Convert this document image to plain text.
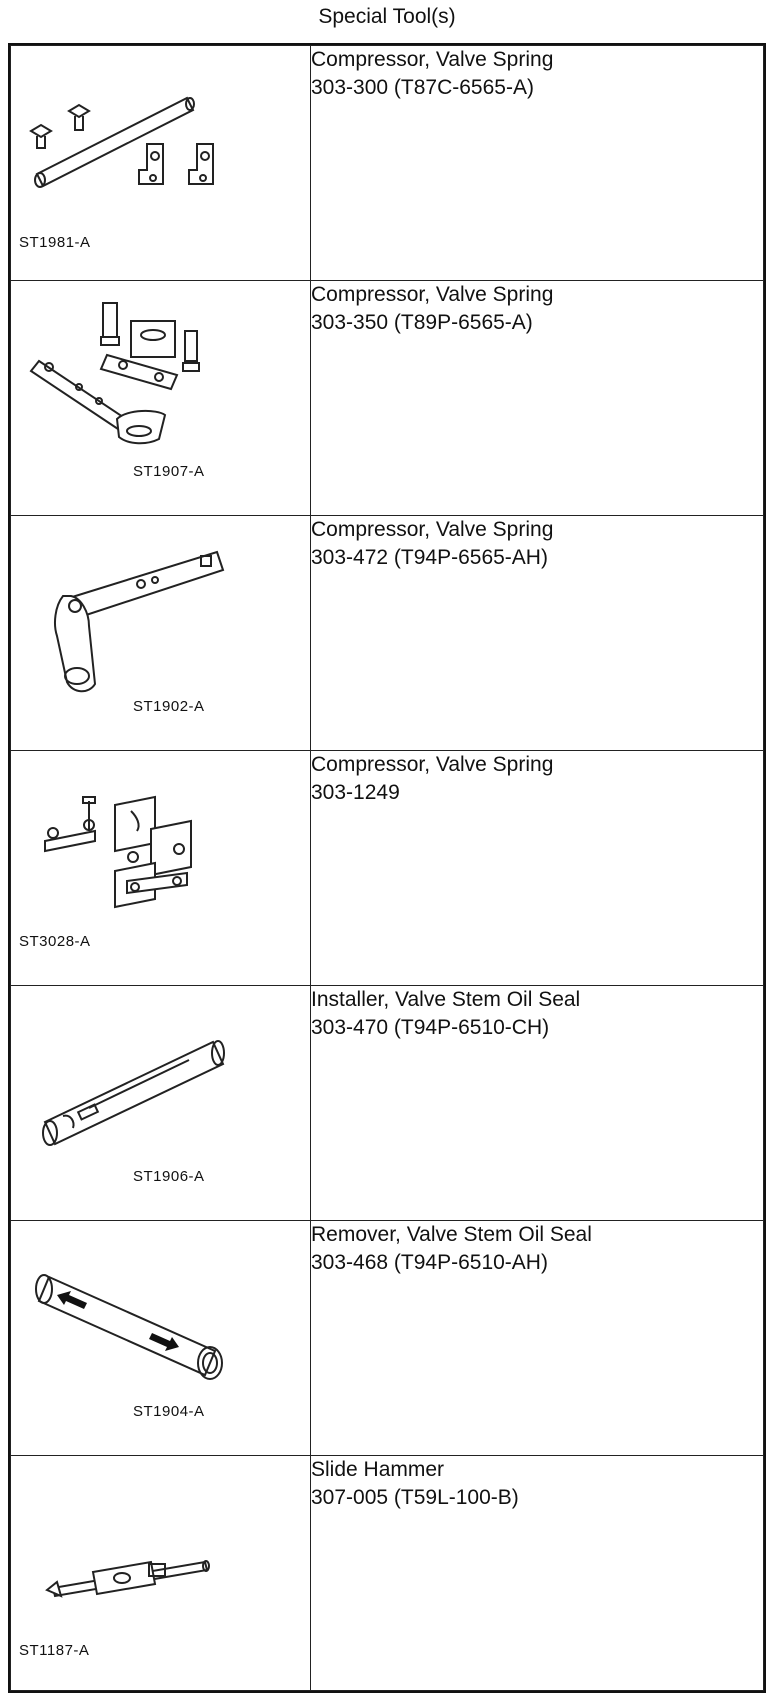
Special Tool(s)
ST1981-A	Compressor, Valve Spring
303-300 (T87C-6565-A)

ST1907-A	Compressor, Valve Spring
303-350 (T89P-6565-A)

ST1902-A	Compressor, Valve Spring
303-472 (T94P-6565-AH)

ST3028-A	Compressor, Valve Spring
303-1249

ST1906-A	Installer, Valve Stem Oil Seal
303-470 (T94P-6510-CH)

ST1904-A	Remover, Valve Stem Oil Seal
303-468 (T94P-6510-AH)

ST1187-A	Slide Hammer
307-005 (T59L-100-B)
